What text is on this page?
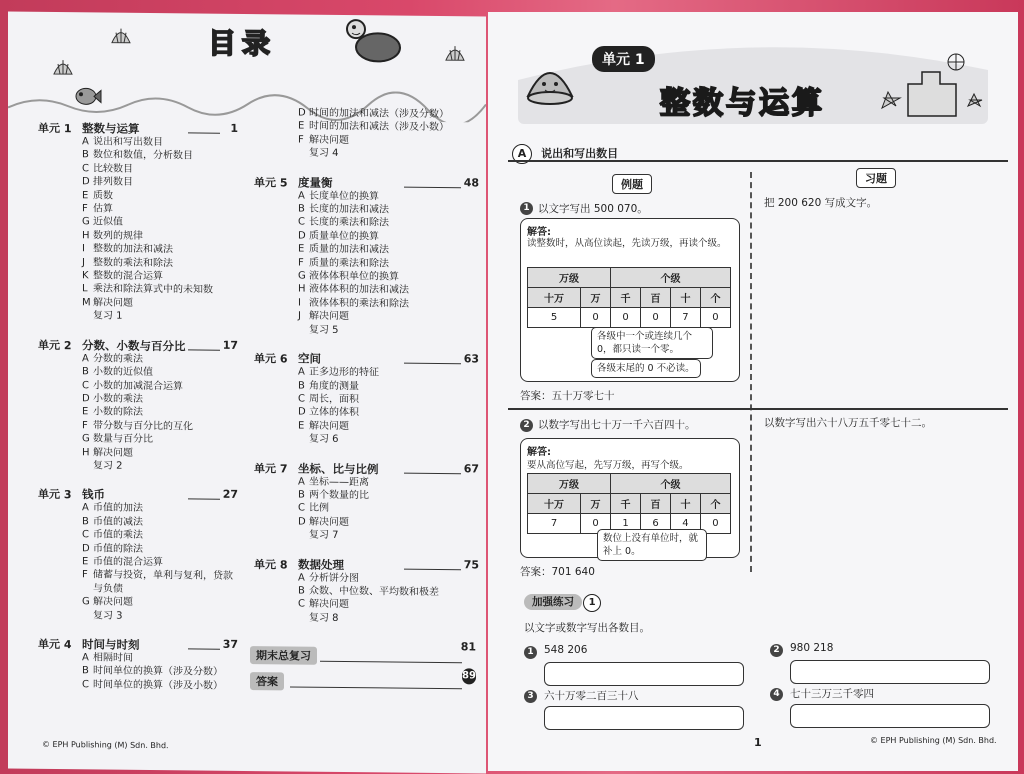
目录
单元 1 整数与运算	1
A 说出和写出数目
B 数位和数值，分析数目
C 比较数目
D 排列数目
E 质数
F 估算
G 近似值
H 数列的规律
I 整数的加法和减法
J 整数的乘法和除法
K 整数的混合运算
L 乘法和除法算式中的未知数
M 解决问题
复习 1
单元 2 分数、小数与百分比	17
A 分数的乘法
B 小数的近似值
C 小数的加减混合运算
D 小数的乘法
E 小数的除法
F 带分数与百分比的互化
G 数量与百分比
H 解决问题
复习 2
单元 3 钱币	27
A 币值的加法
B 币值的减法
C 币值的乘法
D 币值的除法
E 币值的混合运算
F 储蓄与投资，单利与复利，贷款
与负债
G 解决问题
复习 3
单元 4 时间与时刻	37
A 相隔时间
B 时间单位的换算（涉及分数）
C 时间单位的换算（涉及小数）
D 时间的加法和减法（涉及分数）
E 时间的加法和减法（涉及小数）
F 解决问题
复习 4
单元 5 度量衡	48
A 长度单位的换算
B 长度的加法和减法
C 长度的乘法和除法
D 质量单位的换算
E 质量的加法和减法
F 质量的乘法和除法
G 液体体积单位的换算
H 液体体积的加法和减法
I 液体体积的乘法和除法
J 解决问题
复习 5
单元 6 空间	63
A 正多边形的特征
B 角度的测量
C 周长，面积
D 立体的体积
E 解决问题
复习 6
单元 7 坐标、比与比例	67
A 坐标——距离
B 两个数量的比
C 比例
D 解决问题
复习 7
单元 8 数据处理	75
A 分析饼分图
B 众数、中位数、平均数和极差
C 解决问题
复习 8
期末总复习
81
答案	89
© EPH Publishing (M) Sdn. Bhd.
单元 1
整数与运算
A 说出和写出数目
例题	习题
1 以文字写出 500 070。	把 200 620 写成文字。
解答:
读整数时，从高位读起，先读万级，再读个级。
万级		个级			
十万	万	千	百	十	个
5	0	0	0	7	0
各级中一个或连续几个 0，都只读一个零。
各级末尾的 0 不必读。
答案：五十万零七十
2 以数字写出七十万一千六百四十。	以数字写出六十八万五千零七十二。
解答:
要从高位写起，先写万级，再写个级。
万级		个级			
十万	万	千	百	十	个
7	0	1	6	4	0
数位上没有单位时，就补上 0。
答案：701 640
加强练习 1
以文字或数字写出各数目。
1 548 206	2 980 218
3 六十万零二百三十八	4 七十三万三千零四
1	© EPH Publishing (M) Sdn. Bhd.
